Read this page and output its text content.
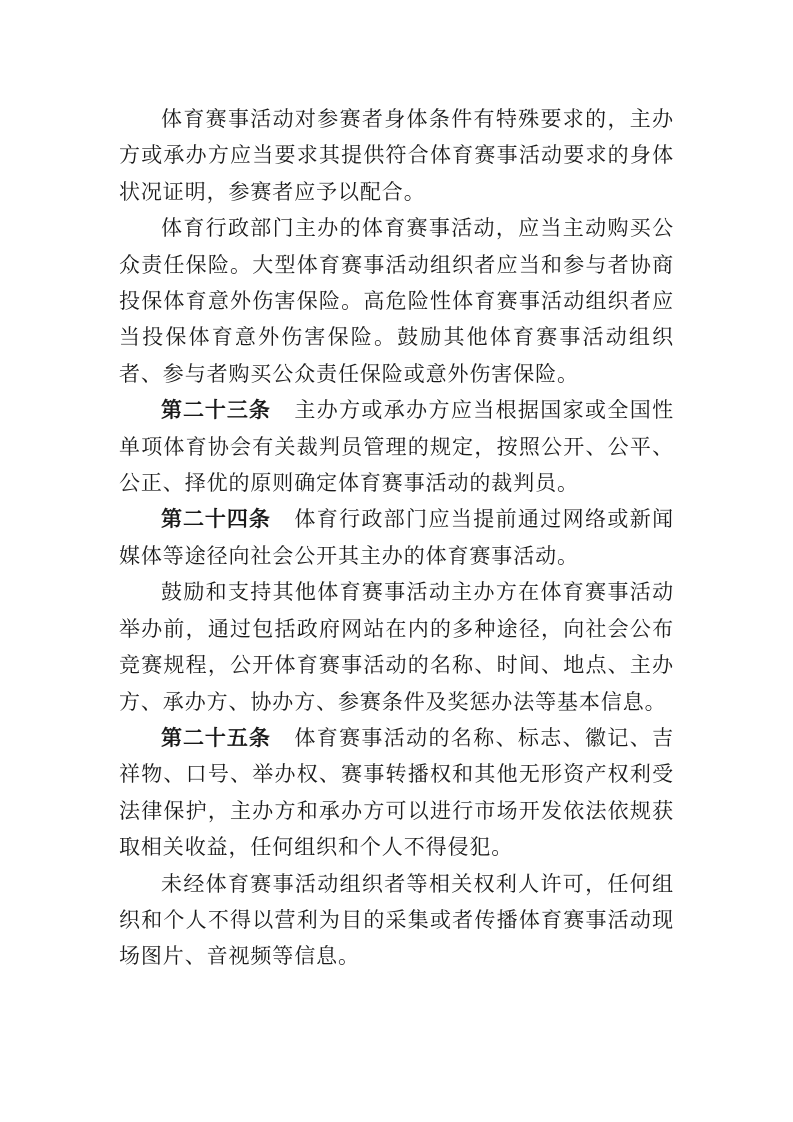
体育赛事活动对参赛者身体条件有特殊要求的，主办方或承办方应当要求其提供符合体育赛事活动要求的身体状况证明，参赛者应予以配合。

体育行政部门主办的体育赛事活动，应当主动购买公众责任保险。大型体育赛事活动组织者应当和参与者协商投保体育意外伤害保险。高危险性体育赛事活动组织者应当投保体育意外伤害保险。鼓励其他体育赛事活动组织者、参与者购买公众责任保险或意外伤害保险。

第二十三条 主办方或承办方应当根据国家或全国性单项体育协会有关裁判员管理的规定，按照公开、公平、公正、择优的原则确定体育赛事活动的裁判员。

第二十四条 体育行政部门应当提前通过网络或新闻媒体等途径向社会公开其主办的体育赛事活动。

鼓励和支持其他体育赛事活动主办方在体育赛事活动举办前，通过包括政府网站在内的多种途径，向社会公布竞赛规程，公开体育赛事活动的名称、时间、地点、主办方、承办方、协办方、参赛条件及奖惩办法等基本信息。

第二十五条 体育赛事活动的名称、标志、徽记、吉祥物、口号、举办权、赛事转播权和其他无形资产权利受法律保护，主办方和承办方可以进行市场开发依法依规获取相关收益，任何组织和个人不得侵犯。

未经体育赛事活动组织者等相关权利人许可，任何组织和个人不得以营利为目的采集或者传播体育赛事活动现场图片、音视频等信息。
